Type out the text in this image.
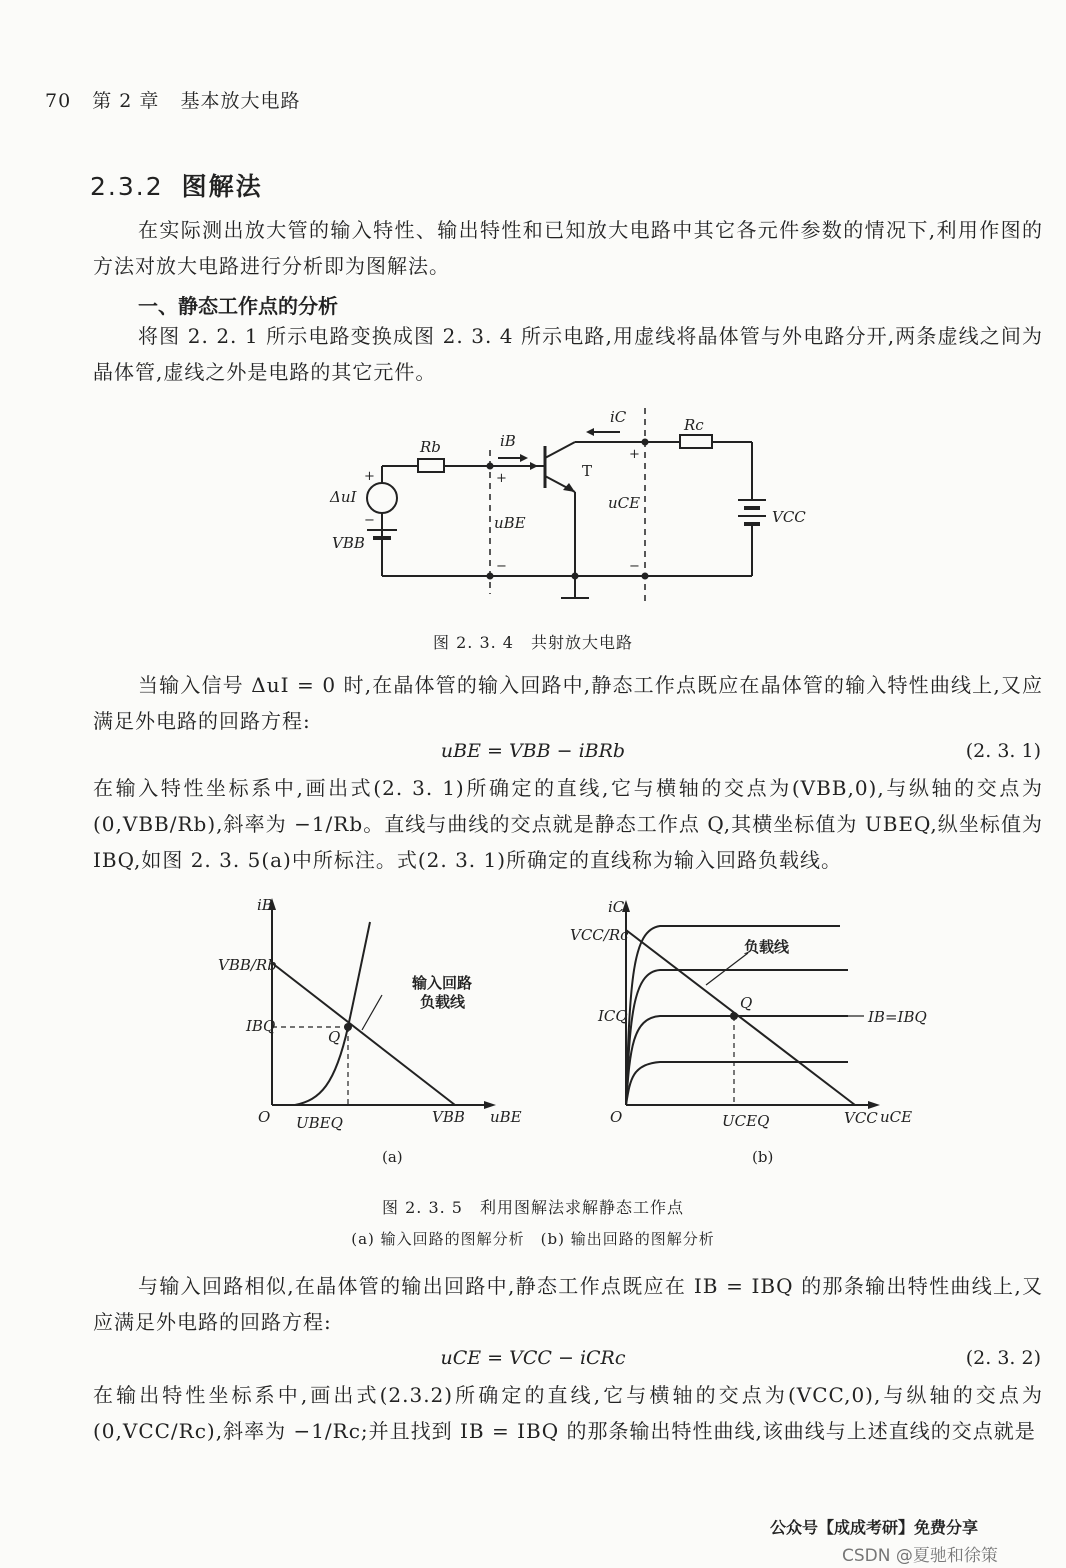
70 第 2 章 基本放大电路
2.3.2 图解法
在实际测出放大管的输入特性、输出特性和已知放大电路中其它各元件参数的情况下,利用作图的方法对放大电路进行分析即为图解法。
一、静态工作点的分析
将图 2. 2. 1 所示电路变换成图 2. 3. 4 所示电路,用虚线将晶体管与外电路分开,两条虚线之间为晶体管,虚线之外是电路的其它元件。
Rb
Rc
iB
iC
T
ΔuI
VBB
VCC
uBE
uCE
+
−
+
−
+
−
图 2. 3. 4　共射放大电路
当输入信号 ΔuI = 0 时,在晶体管的输入回路中,静态工作点既应在晶体管的输入特性曲线上,又应满足外电路的回路方程:
uBE = VBB − iBRb	(2. 3. 1)
在输入特性坐标系中,画出式(2. 3. 1)所确定的直线,它与横轴的交点为(VBB,0),与纵轴的交点为(0,VBB/Rb),斜率为 −1/Rb。直线与曲线的交点就是静态工作点 Q,其横坐标值为 UBEQ,纵坐标值为 IBQ,如图 2. 3. 5(a)中所标注。式(2. 3. 1)所确定的直线称为输入回路负载线。
iB
uBE
O
VBB/Rb
IBQ
UBEQ	VBB
Q
输入回路
负载线
(a)
iC
uCE
O
VCC/Rc
ICQ
UCEQ	VCC
Q
负载线
IB=IBQ
(b)
图 2. 3. 5　利用图解法求解静态工作点
(a) 输入回路的图解分析　(b) 输出回路的图解分析
与输入回路相似,在晶体管的输出回路中,静态工作点既应在 IB = IBQ 的那条输出特性曲线上,又应满足外电路的回路方程:
uCE = VCC − iCRc	(2. 3. 2)
在输出特性坐标系中,画出式(2.3.2)所确定的直线,它与横轴的交点为(VCC,0),与纵轴的交点为(0,VCC/Rc),斜率为 −1/Rc;并且找到 IB = IBQ 的那条输出特性曲线,该曲线与上述直线的交点就是
公众号【成成考研】免费分享
CSDN @夏驰和徐策
